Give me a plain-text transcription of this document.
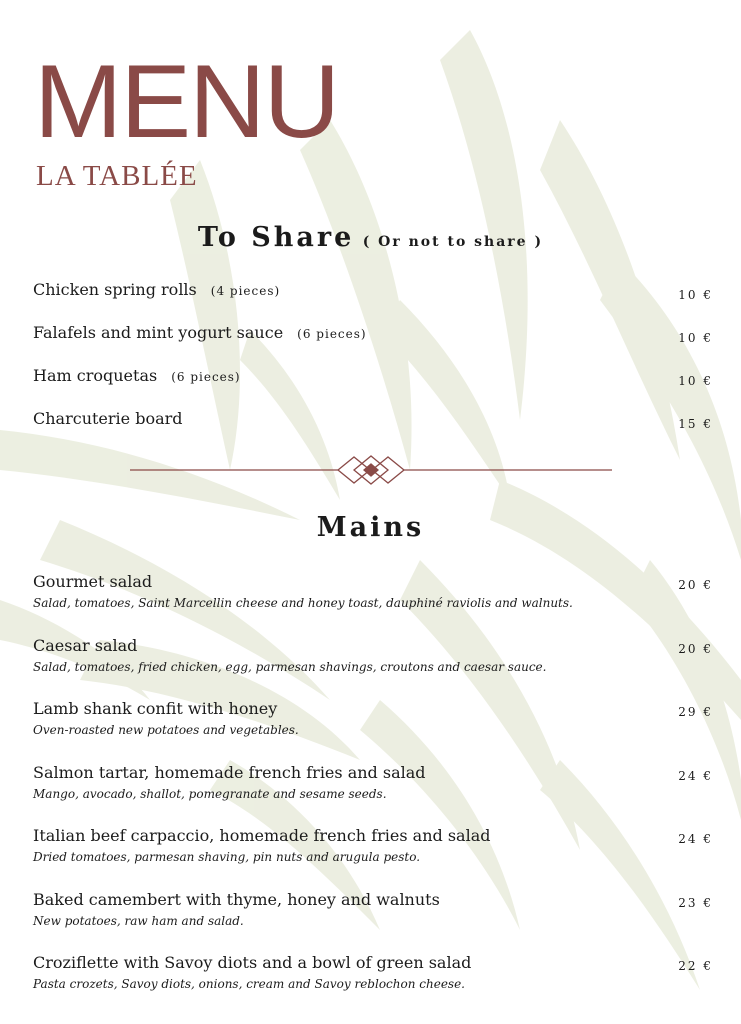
MENU

LA TABLÉE

To Share ( Or not to share )
Chicken spring rolls (4 pieces)	10 €
Falafels and mint yogurt sauce (6 pieces)	10 €
Ham croquetas (6 pieces)	10 €
Charcuterie board	15 €
Mains
Gourmet salad
Salad, tomatoes, Saint Marcellin cheese and honey toast, dauphiné raviolis and walnuts.
20 €
Caesar salad
Salad, tomatoes, fried chicken, egg, parmesan shavings, croutons and caesar sauce.
20 €
Lamb shank confit with honey
Oven-roasted new potatoes and vegetables.
29 €
Salmon tartar, homemade french fries and salad
Mango, avocado, shallot, pomegranate and sesame seeds.
24 €
Italian beef carpaccio, homemade french fries and salad
Dried tomatoes, parmesan shaving, pin nuts and arugula pesto.
24 €
Baked camembert with thyme, honey and walnuts
New potatoes, raw ham and salad.
23 €
Croziflette with Savoy diots and a bowl of green salad
Pasta crozets, Savoy diots, onions, cream and Savoy reblochon cheese.
22 €
